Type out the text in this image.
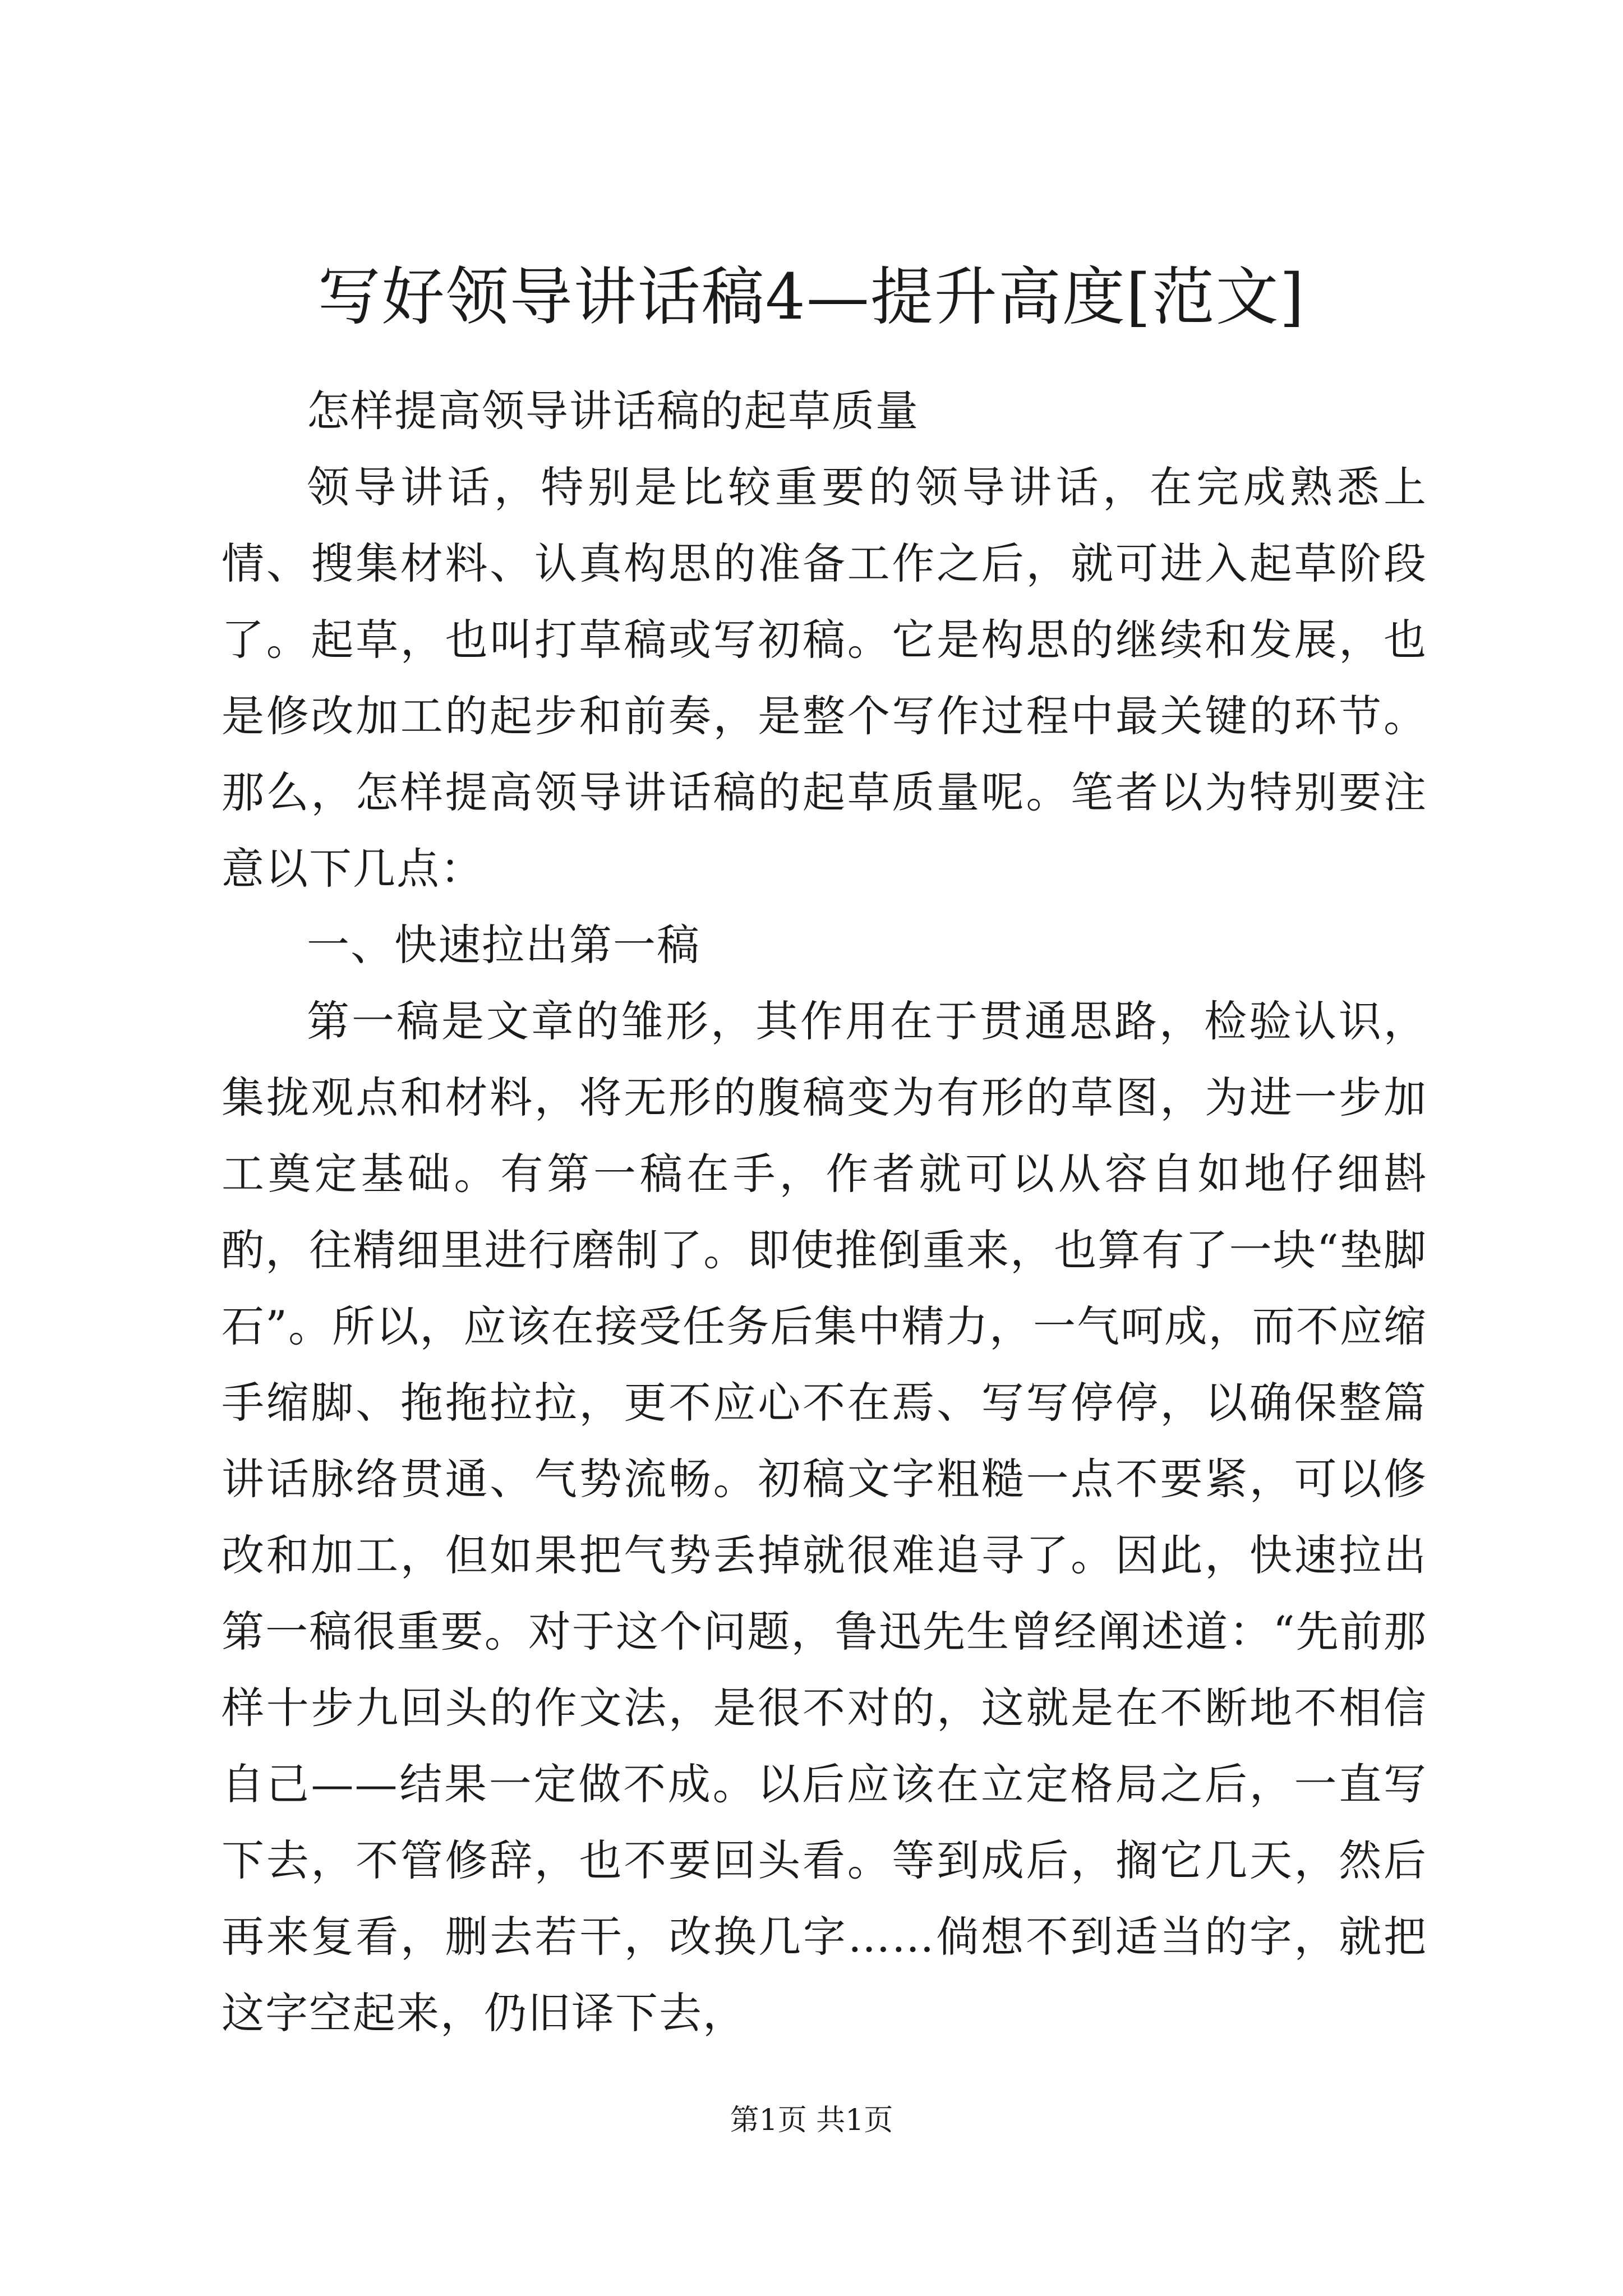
写好领导讲话稿4—提升高度[范文]

怎样提高领导讲话稿的起草质量

领导讲话，特别是比较重要的领导讲话，在完成熟悉上情、搜集材料、认真构思的准备工作之后，就可进入起草阶段了。起草，也叫打草稿或写初稿。它是构思的继续和发展，也是修改加工的起步和前奏，是整个写作过程中最关键的环节。那么，怎样提高领导讲话稿的起草质量呢。笔者以为特别要注意以下几点：

一、快速拉出第一稿

第一稿是文章的雏形，其作用在于贯通思路，检验认识，集拢观点和材料，将无形的腹稿变为有形的草图，为进一步加工奠定基础。有第一稿在手，作者就可以从容自如地仔细斟酌，往精细里进行磨制了。即使推倒重来，也算有了一块“垫脚石”。所以，应该在接受任务后集中精力，一气呵成，而不应缩手缩脚、拖拖拉拉，更不应心不在焉、写写停停，以确保整篇讲话脉络贯通、气势流畅。初稿文字粗糙一点不要紧，可以修改和加工，但如果把气势丢掉就很难追寻了。因此，快速拉出第一稿很重要。对于这个问题，鲁迅先生曾经阐述道：“先前那样十步九回头的作文法，是很不对的，这就是在不断地不相信自己——结果一定做不成。以后应该在立定格局之后，一直写下去，不管修辞，也不要回头看。等到成后，搁它几天，然后再来复看，删去若干，改换几字……倘想不到适当的字，就把这字空起来，仍旧译下去，

第1页 共1页
